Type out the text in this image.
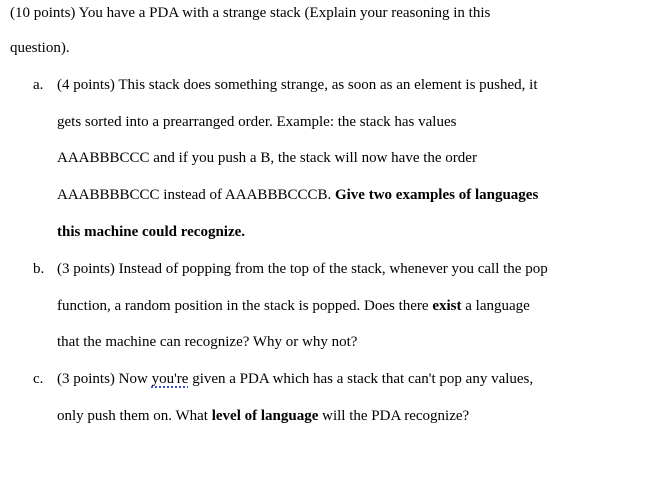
(10 points) You have a PDA with a strange stack (Explain your reasoning in this
question).
a. (4 points) This stack does something strange, as soon as an element is pushed, it
gets sorted into a prearranged order. Example: the stack has values
AAABBBCCC and if you push a B, the stack will now have the order
AAABBBBCCC instead of AAABBBCCCB. Give two examples of languages
this machine could recognize.
b. (3 points) Instead of popping from the top of the stack, whenever you call the pop
function, a random position in the stack is popped. Does there exist a language
that the machine can recognize? Why or why not?
c. (3 points) Now you're given a PDA which has a stack that can't pop any values,
only push them on. What level of language will the PDA recognize?
